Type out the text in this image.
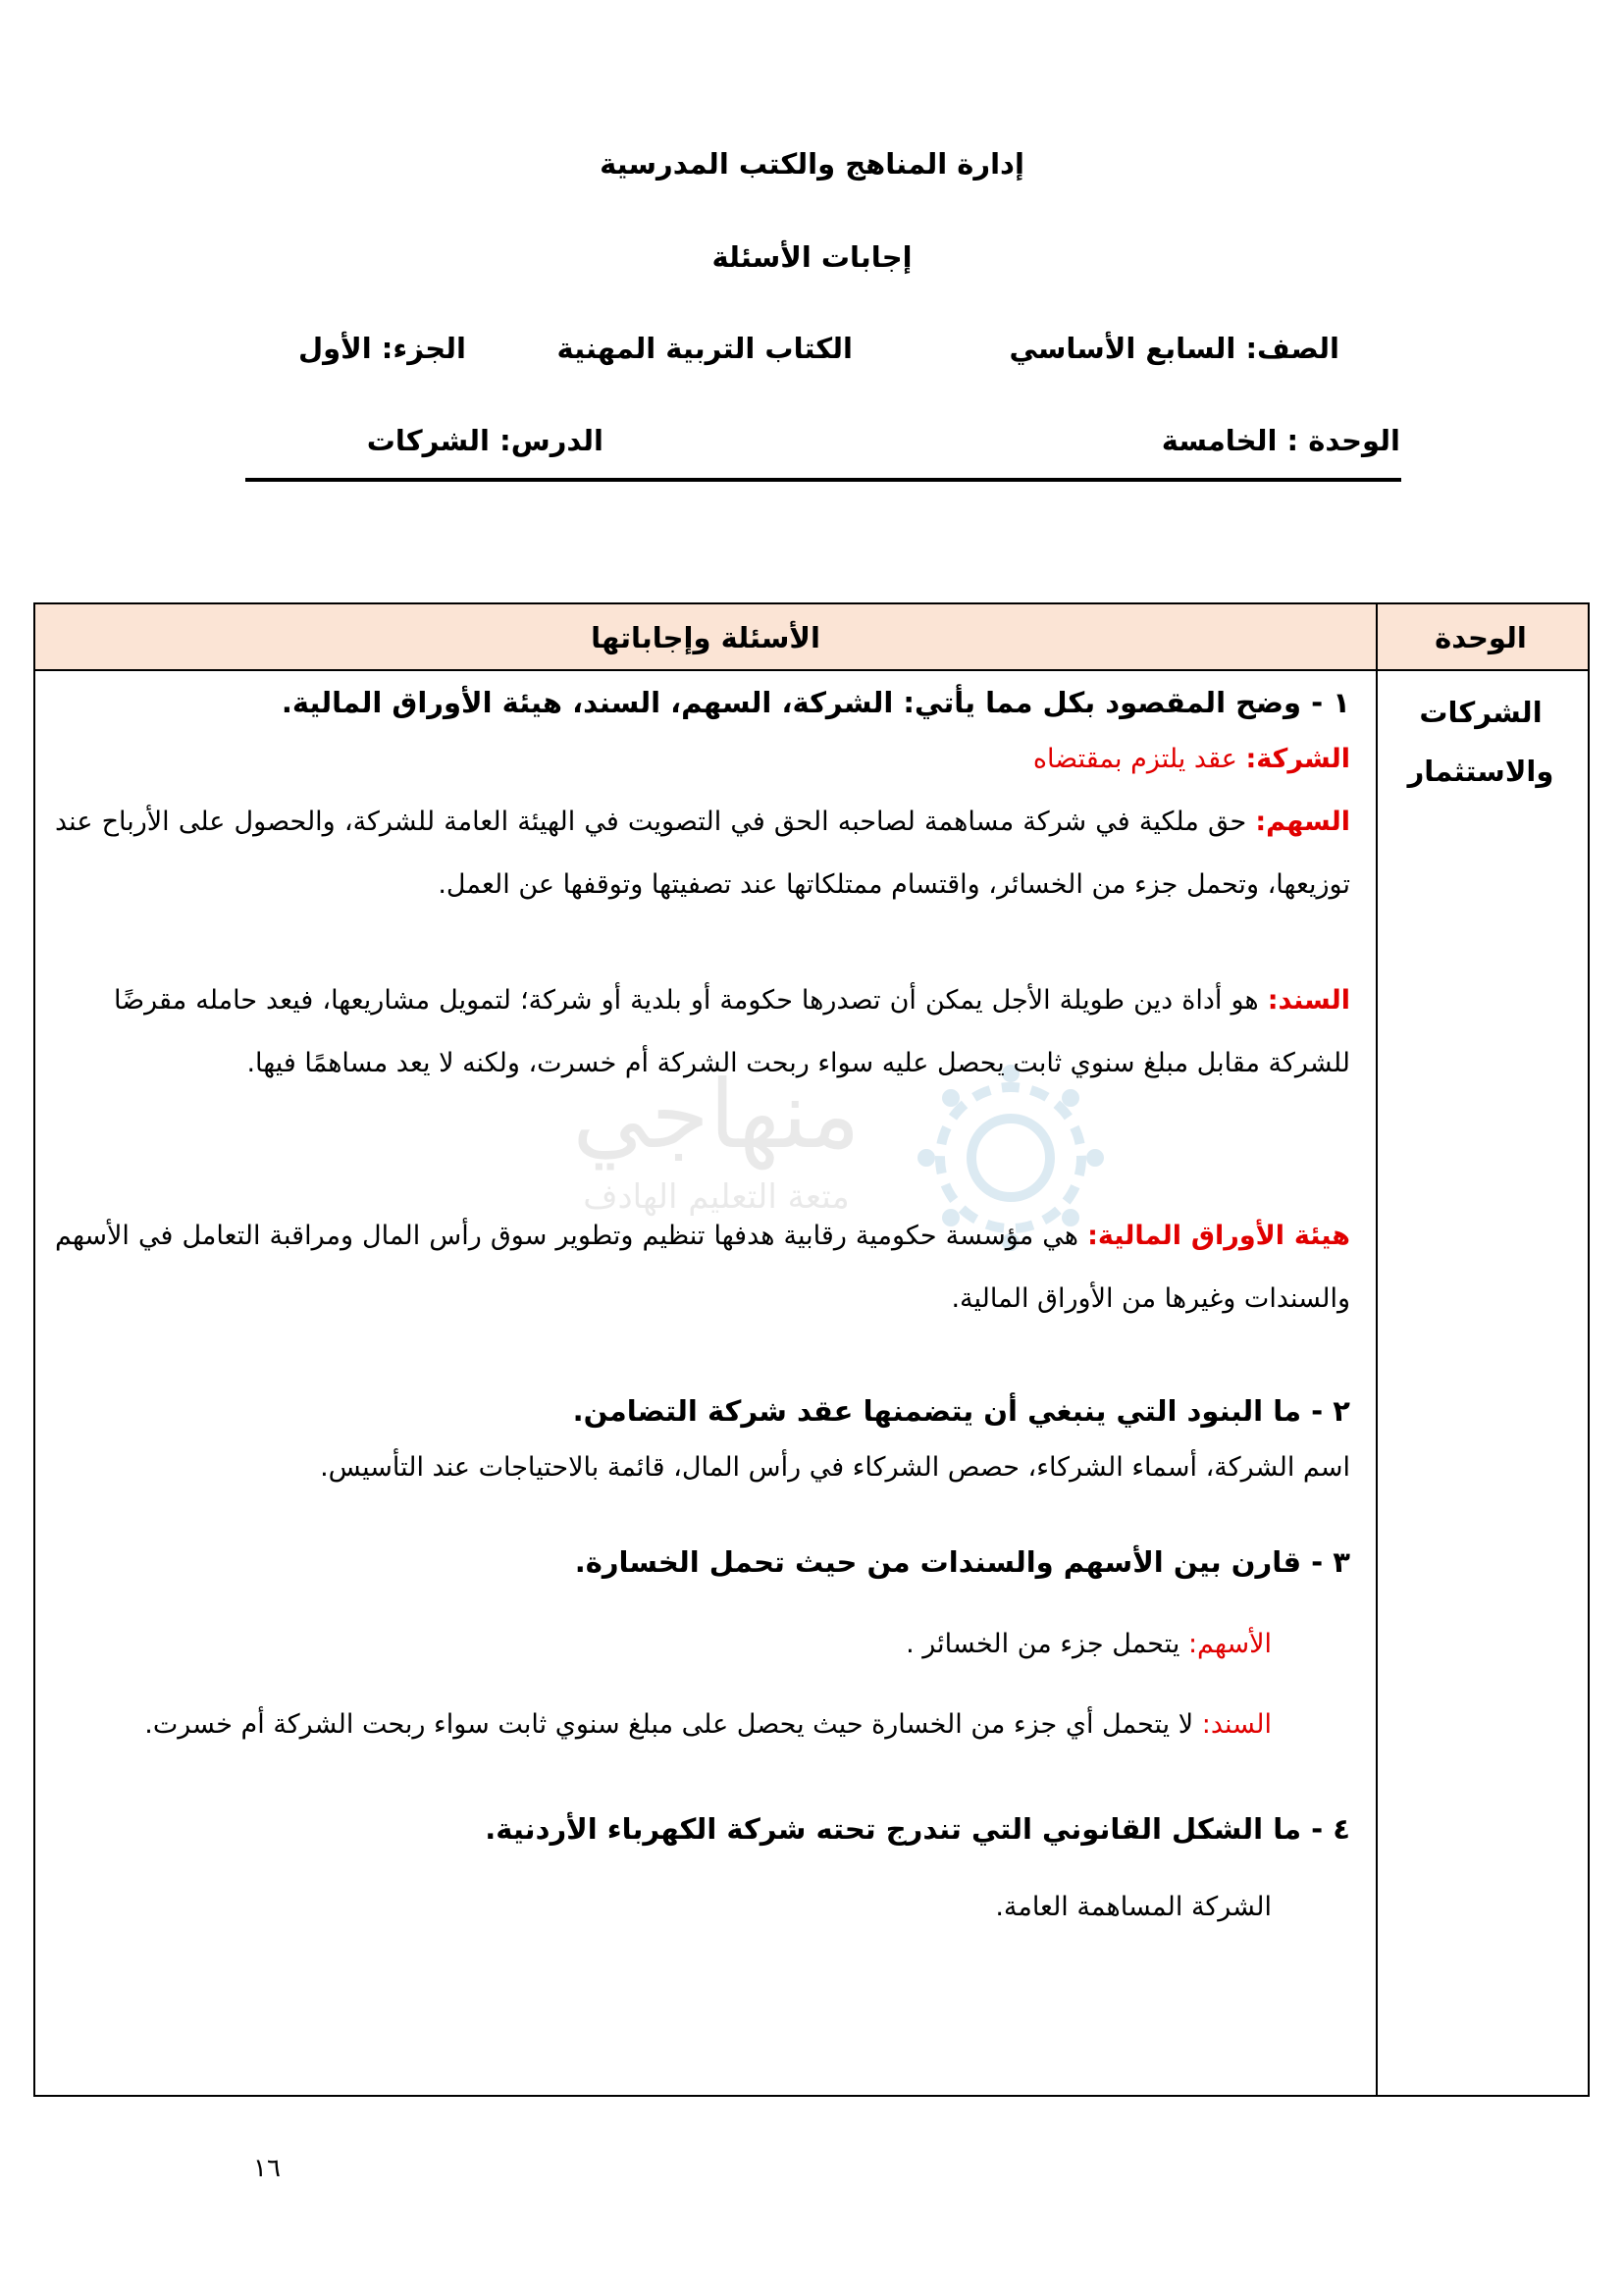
إدارة المناهج والكتب المدرسية
إجابات الأسئلة
الصف: السابع الأساسي
الكتاب التربية المهنية
الجزء: الأول
الوحدة : الخامسة
الدرس: الشركات
منهاجي
متعة التعليم الهادف
الوحدة
الأسئلة وإجاباتها
الشركات والاستثمار
١ - وضح المقصود بكل مما يأتي: الشركة، السهم، السند، هيئة الأوراق المالية.
الشركة: عقد يلتزم بمقتضاه
السهم: حق ملكية في شركة مساهمة لصاحبه الحق في التصويت في الهيئة العامة للشركة، والحصول على الأرباح عند توزيعها، وتحمل جزء من الخسائر، واقتسام ممتلكاتها عند تصفيتها وتوقفها عن العمل.
السند: هو أداة دين طويلة الأجل يمكن أن تصدرها حكومة أو بلدية أو شركة؛ لتمويل مشاريعها، فيعد حامله مقرضًا للشركة مقابل مبلغ سنوي ثابت يحصل عليه سواء ربحت الشركة أم خسرت، ولكنه لا يعد مساهمًا فيها.
هيئة الأوراق المالية: هي مؤسسة حكومية رقابية هدفها تنظيم وتطوير سوق رأس المال ومراقبة التعامل في الأسهم والسندات وغيرها من الأوراق المالية.
٢ - ما البنود التي ينبغي أن يتضمنها عقد شركة التضامن.
اسم الشركة، أسماء الشركاء، حصص الشركاء في رأس المال، قائمة بالاحتياجات عند التأسيس.
٣ - قارن بين الأسهم والسندات من حيث تحمل الخسارة.
الأسهم: يتحمل جزء من الخسائر .
السند: لا يتحمل أي جزء من الخسارة حيث يحصل على مبلغ سنوي ثابت سواء ربحت الشركة أم خسرت.
٤ - ما الشكل القانوني التي تندرج تحته شركة الكهرباء الأردنية.
الشركة المساهمة العامة.
١٦
